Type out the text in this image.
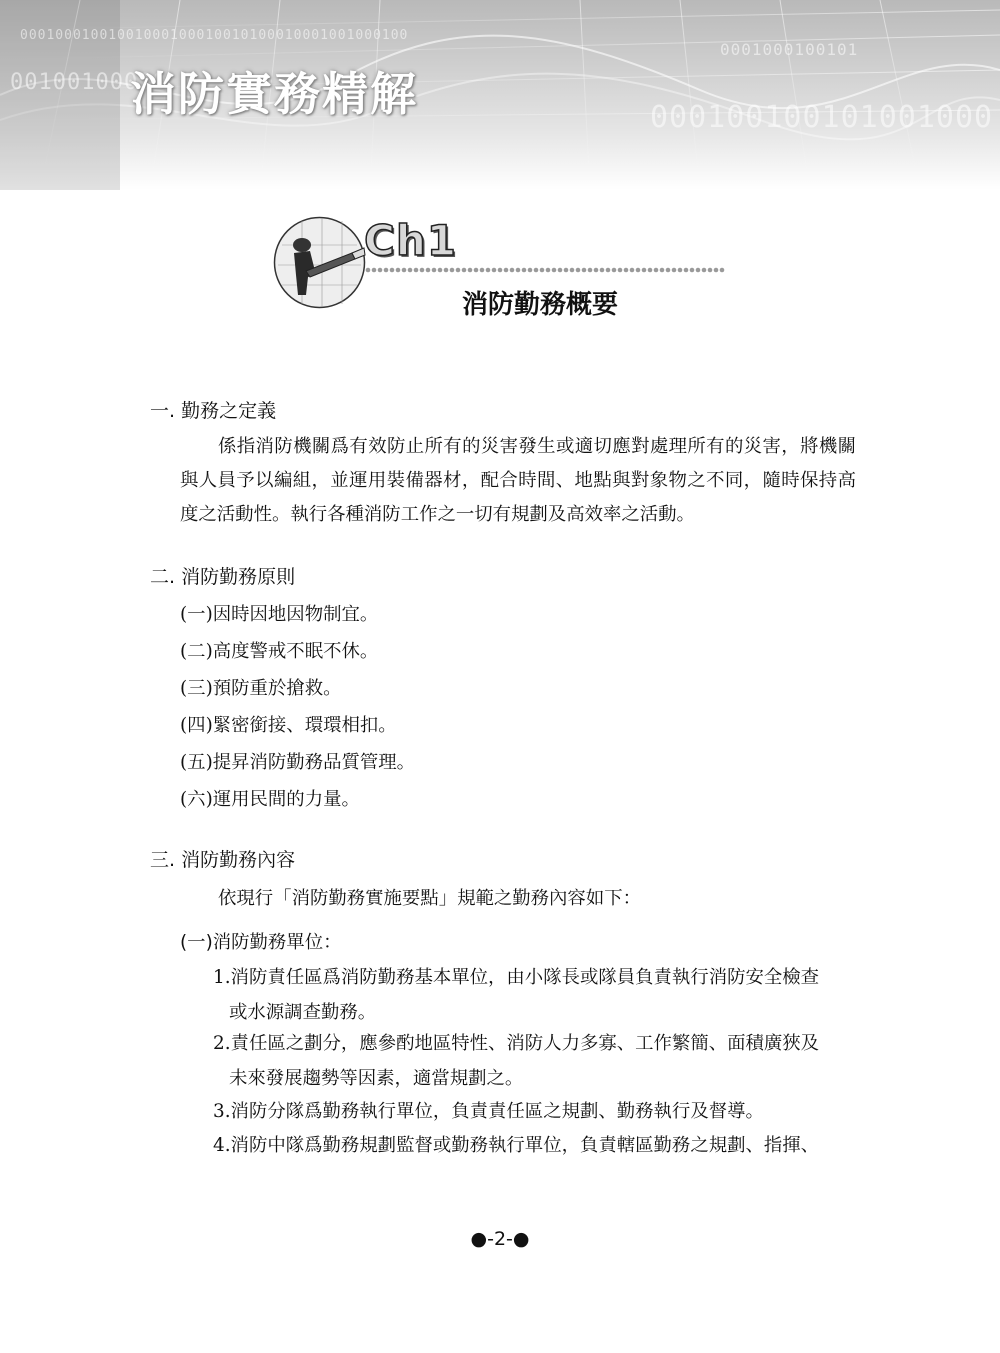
00010001001001000100010010100010001001000100
00100100010
0001000100101
000100100101001000
消防實務精解
Ch1
消防勤務概要
一. 勤務之定義
係指消防機關爲有效防止所有的災害發生或適切應對處理所有的災害，將機關與人員予以編組，並運用裝備器材，配合時間、地點與對象物之不同，隨時保持高度之活動性。執行各種消防工作之一切有規劃及高效率之活動。
二. 消防勤務原則
(一)因時因地因物制宜。
(二)高度警戒不眠不休。
(三)預防重於搶救。
(四)緊密銜接、環環相扣。
(五)提昇消防勤務品質管理。
(六)運用民間的力量。
三. 消防勤務內容
依現行「消防勤務實施要點」規範之勤務內容如下：
(一)消防勤務單位：
1.消防責任區爲消防勤務基本單位，由小隊長或隊員負責執行消防安全檢查
或水源調查勤務。
2.責任區之劃分，應參酌地區特性、消防人力多寡、工作繁簡、面積廣狹及
未來發展趨勢等因素，適當規劃之。
3.消防分隊爲勤務執行單位，負責責任區之規劃、勤務執行及督導。
4.消防中隊爲勤務規劃監督或勤務執行單位，負責轄區勤務之規劃、指揮、
●-2-●
